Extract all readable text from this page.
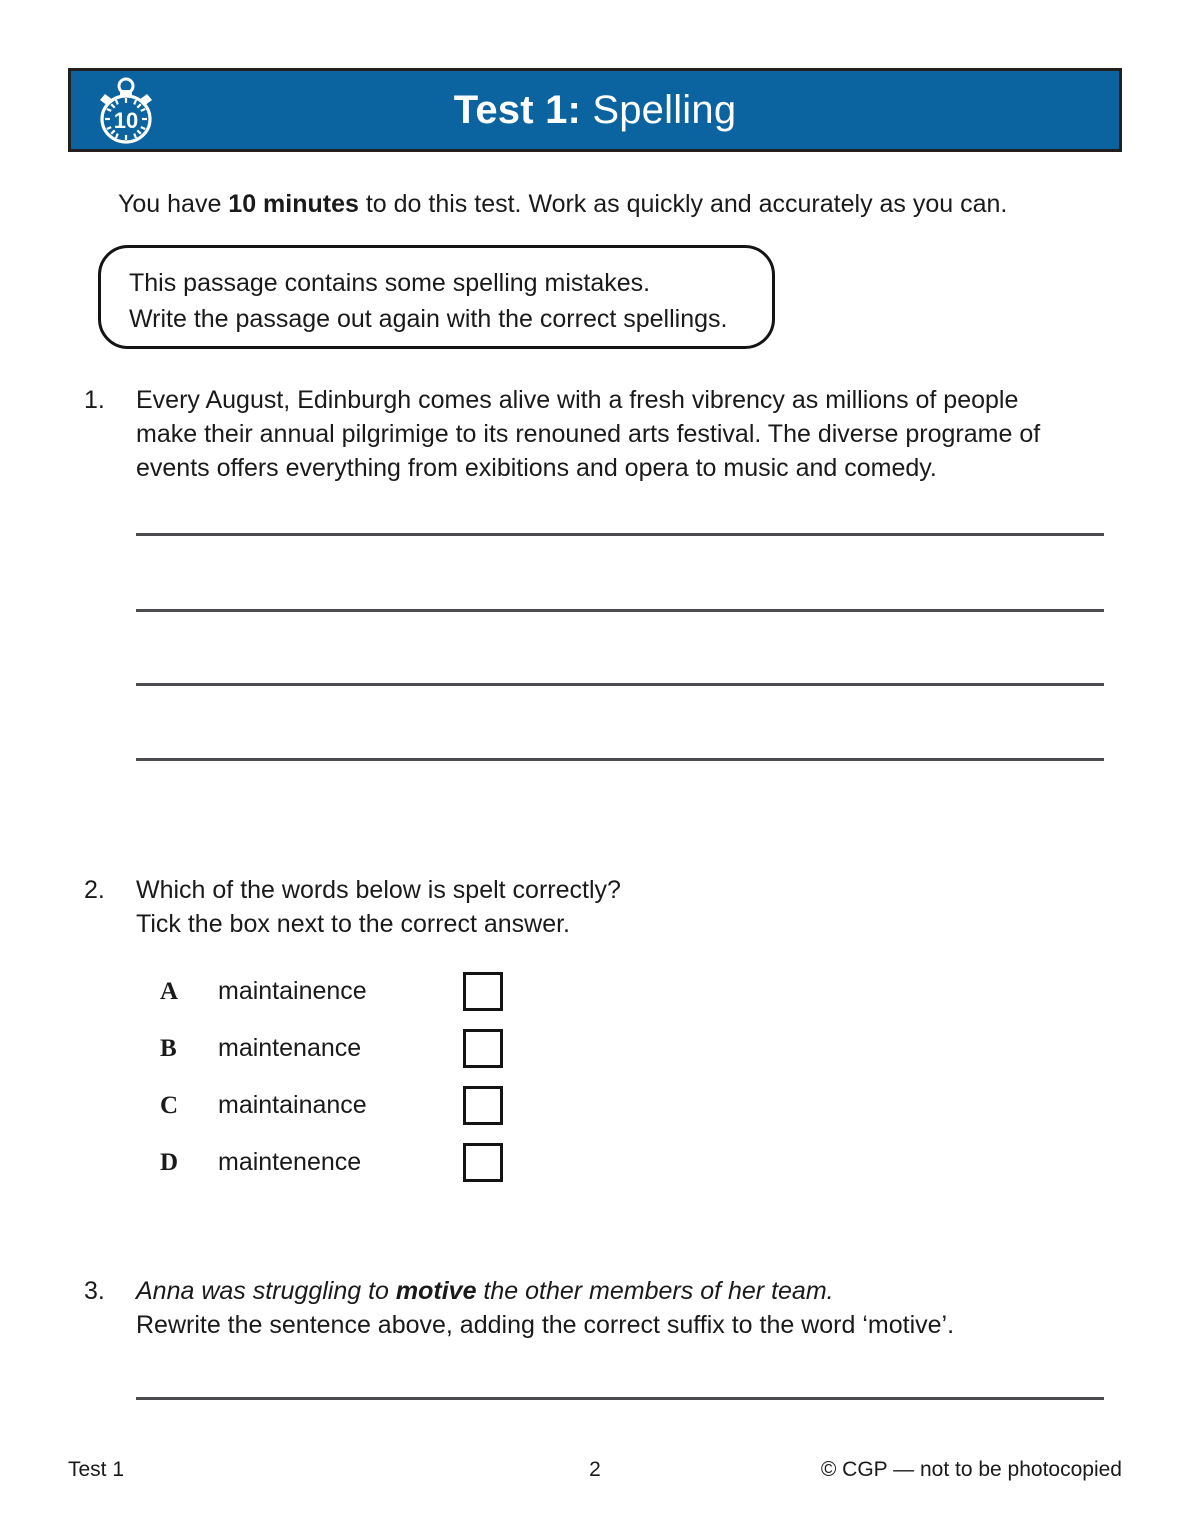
10	Test 1: Spelling
You have 10 minutes to do this test. Work as quickly and accurately as you can.
This passage contains some spelling mistakes.
Write the passage out again with the correct spellings.
1.	Every August, Edinburgh comes alive with a fresh vibrency as millions of people make their annual pilgrimige to its renouned arts festival. The diverse programe of events offers everything from exibitions and opera to music and comedy.
2.	Which of the words below is spelt correctly?
Tick the box next to the correct answer.
A	maintainence
B	maintenance
C	maintainance
D	maintenence
3.	Anna was struggling to motive the other members of her team.
Rewrite the sentence above, adding the correct suffix to the word ‘motive’.
Test 1	2	© CGP — not to be photocopied
